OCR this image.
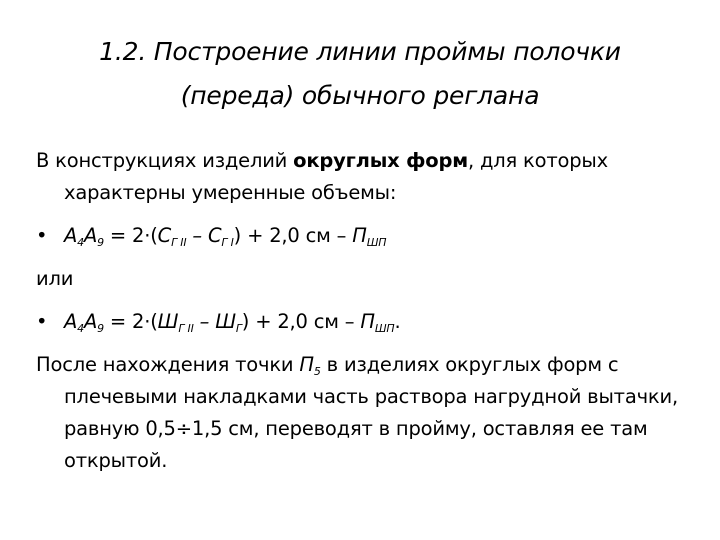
1.2. Построение линии проймы полочки
(переда) обычного реглана

В конструкциях изделий округлых форм, для которых характерны умеренные объемы:

• $A_4A_9 = 2\cdot(С_{Г II} - С_{Г I}) + 2,0$ см – $П_{ШП}$

или

• $A_4A_9 = 2\cdot(Ш_{Г II} - Ш_Г) + 2,0$ см – $П_{ШП}$.

После нахождения точки $П_5$ в изделиях округлых форм с плечевыми накладками часть раствора нагрудной вытачки, равную 0,5÷1,5 см, переводят в пройму, оставляя ее там открытой.
